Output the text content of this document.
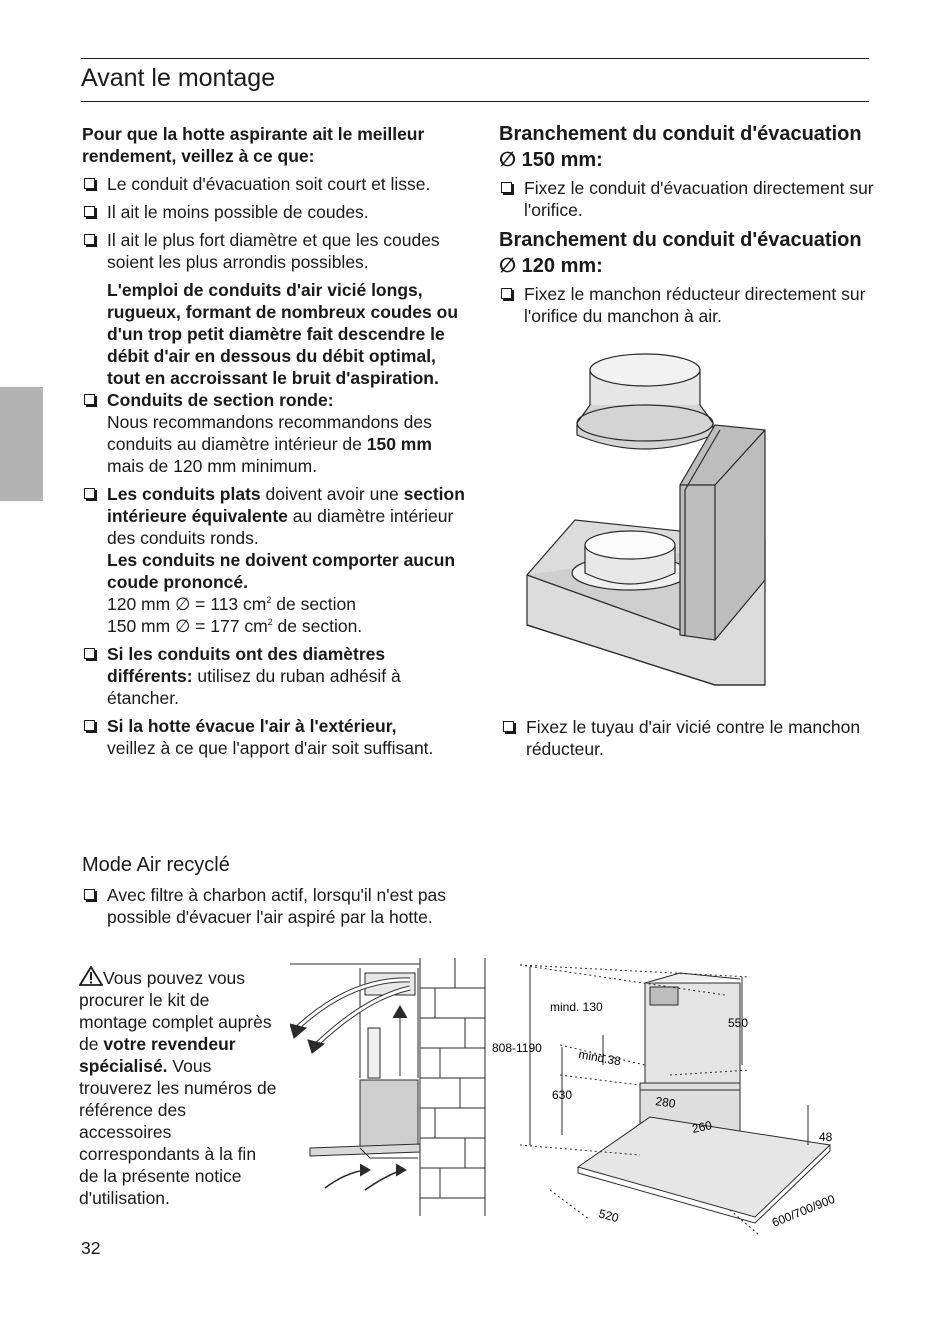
Avant le montage

Pour que la hotte aspirante ait le meilleur rendement, veillez à ce que:

Le conduit d'évacuation soit court et lisse.
Il ait le moins possible de coudes.
Il ait le plus fort diamètre et que les coudes soient les plus arrondis possibles.

L'emploi de conduits d'air vicié longs, rugueux, formant de nombreux coudes ou d'un trop petit diamètre fait descendre le débit d'air en dessous du débit optimal, tout en accroissant le bruit d'aspiration.

Conduits de section ronde:
Nous recommandons recommandons des conduits au diamètre intérieur de 150 mm mais de 120 mm minimum.
Les conduits plats doivent avoir une section intérieure équivalente au diamètre intérieur des conduits ronds.
Les conduits ne doivent comporter aucun coude prononcé.
120 mm ∅ = 113 $cm^2$ de section
150 mm ∅ = 177 $cm^2$ de section.
Si les conduits ont des diamètres différents: utilisez du ruban adhésif à étancher.
Si la hotte évacue l'air à l'extérieur,
veillez à ce que l'apport d'air soit suffisant.
Branchement du conduit d'évacuation ∅ 150 mm:
Fixez le conduit d'évacuation directement sur l'orifice.
Branchement du conduit d'évacuation ∅ 120 mm:
Fixez le manchon réducteur directement sur l'orifice du manchon à air.
Fixez le tuyau d'air vicié contre le manchon réducteur.
Mode Air recyclé
Avec filtre à charbon actif, lorsqu'il n'est pas possible d'évacuer l'air aspiré par la hotte.

Vous pouvez vous procurer le kit de montage complet auprès de votre revendeur spécialisé. Vous trouverez les numéros de référence des accessoires correspondants à la fin de la présente notice d'utilisation.

808-1190
mind. 130
mind.38
550
630	280
260
48
520	600/700/900
32
